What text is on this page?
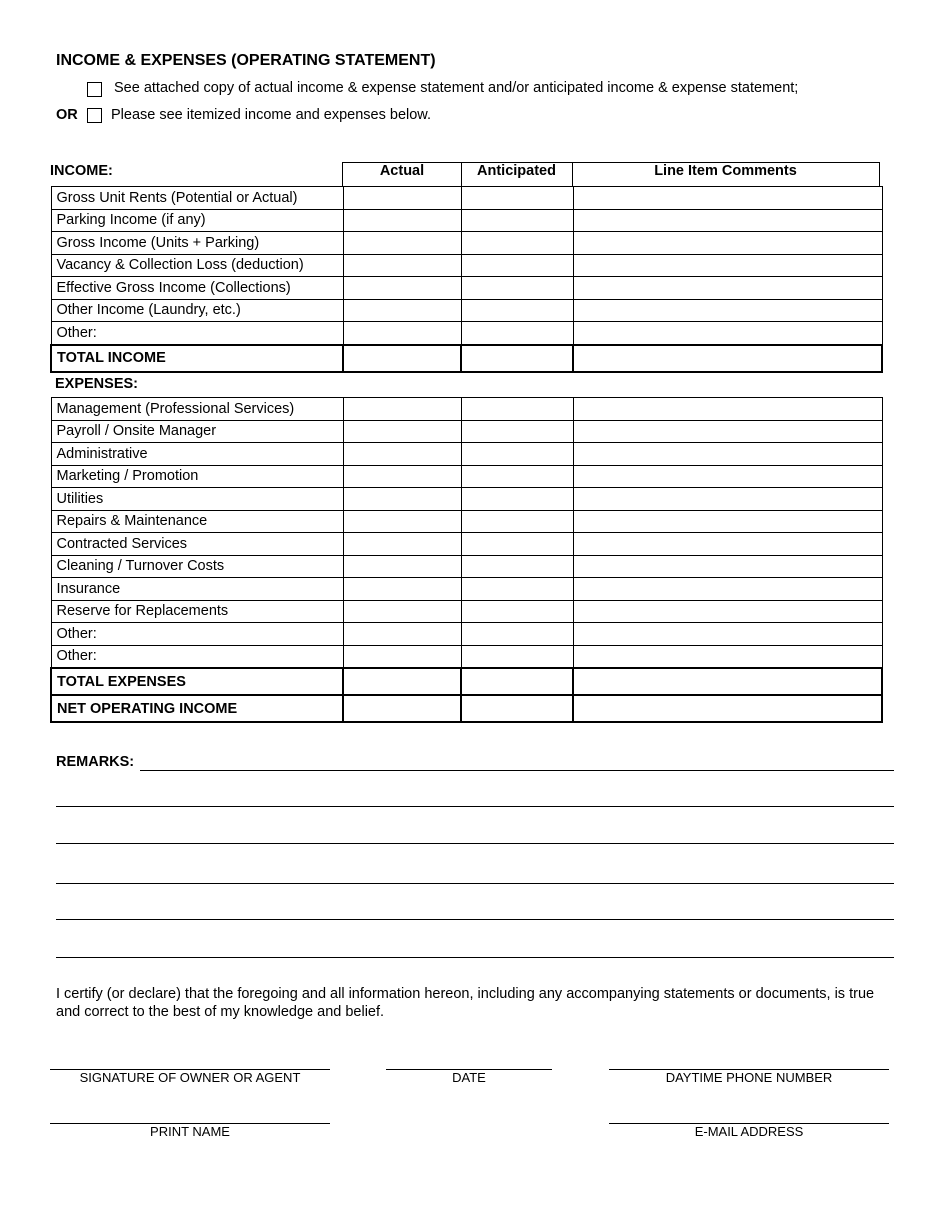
INCOME & EXPENSES (OPERATING STATEMENT)
See attached copy of actual income & expense statement and/or anticipated income & expense statement;
OR Please see itemized income and expenses below.
INCOME:	Actual	Anticipated	Line Item Comments
Gross Unit Rents (Potential or Actual)			
Parking Income (if any)			
Gross Income (Units + Parking)			
Vacancy & Collection Loss (deduction)			
Effective Gross Income (Collections)			
Other Income (Laundry, etc.)			
Other:			
TOTAL INCOME			
EXPENSES:
Management (Professional Services)			
Payroll / Onsite Manager			
Administrative			
Marketing / Promotion			
Utilities			
Repairs & Maintenance			
Contracted Services			
Cleaning / Turnover Costs			
Insurance			
Reserve for Replacements			
Other:			
Other:			
TOTAL EXPENSES			
NET OPERATING INCOME			
REMARKS:
I certify (or declare) that the foregoing and all information hereon, including any accompanying statements or documents, is true and correct to the best of my knowledge and belief.
SIGNATURE OF OWNER OR AGENT	DATE	DAYTIME PHONE NUMBER
PRINT NAME	E-MAIL ADDRESS
